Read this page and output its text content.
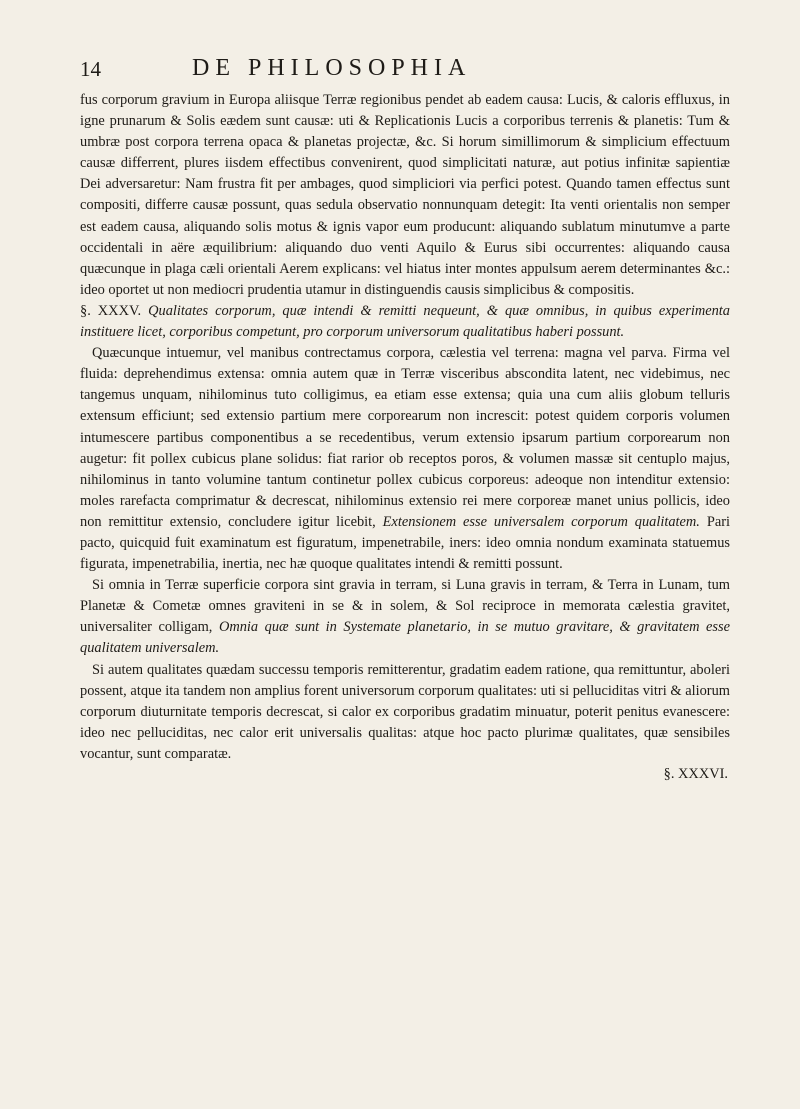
14	DE PHILOSOPHIA

fus corporum gravium in Europa aliisque Terræ regionibus pendet ab eadem causa: Lucis, & caloris effluxus, in igne prunarum & Solis eædem sunt causæ: uti & Replicationis Lucis a corporibus terrenis & planetis: Tum & umbræ post corpora terrena opaca & planetas projectæ, &c. Si horum simillimorum & simplicium effectuum causæ differrent, plures iisdem effectibus convenirent, quod simplicitati naturæ, aut potius infinitæ sapientiæ Dei adversaretur: Nam frustra fit per ambages, quod simpliciori via perfici potest. Quando tamen effectus sunt compositi, differre causæ possunt, quas sedula observatio nonnunquam detegit: Ita venti orientalis non semper est eadem causa, aliquando solis motus & ignis vapor eum producunt: aliquando sublatum minutumve a parte occidentali in aëre æquilibrium: aliquando duo venti Aquilo & Eurus sibi occurrentes: aliquando causa quæcunque in plaga cæli orientali Aerem explicans: vel hiatus inter montes appulsum aerem determinantes &c.: ideo oportet ut non mediocri prudentia utamur in distinguendis causis simplicibus & compositis.

§. XXXV. Qualitates corporum, quæ intendi & remitti nequeunt, & quæ omnibus, in quibus experimenta instituere licet, corporibus competunt, pro corporum universorum qualitatibus haberi possunt.

Quæcunque intuemur, vel manibus contrectamus corpora, cælestia vel terrena: magna vel parva. Firma vel fluida: deprehendimus extensa: omnia autem quæ in Terræ visceribus abscondita latent, nec videbimus, nec tangemus unquam, nihilominus tuto colligimus, ea etiam esse extensa; quia una cum aliis globum telluris extensum efficiunt; sed extensio partium mere corporearum non increscit: potest quidem corporis volumen intumescere partibus componentibus a se recedentibus, verum extensio ipsarum partium corporearum non augetur: fit pollex cubicus plane solidus: fiat rarior ob receptos poros, & volumen massæ sit centuplo majus, nihilominus in tanto volumine tantum continetur pollex cubicus corporeus: adeoque non intenditur extensio: moles rarefacta comprimatur & decrescat, nihilominus extensio rei mere corporeæ manet unius pollicis, ideo non remittitur extensio, concludere igitur licebit, Extensionem esse universalem corporum qualitatem. Pari pacto, quicquid fuit examinatum est figuratum, impenetrabile, iners: ideo omnia nondum examinata statuemus figurata, impenetrabilia, inertia, nec hæ quoque qualitates intendi & remitti possunt.

Si omnia in Terræ superficie corpora sint gravia in terram, si Luna gravis in terram, & Terra in Lunam, tum Planetæ & Cometæ omnes graviteni in se & in solem, & Sol reciproce in memorata cælestia gravitet, universaliter colligam, Omnia quæ sunt in Systemate planetario, in se mutuo gravitare, & gravitatem esse qualitatem universalem.

Si autem qualitates quædam successu temporis remitterentur, gradatim eadem ratione, qua remittuntur, aboleri possent, atque ita tandem non amplius forent universorum corporum qualitates: uti si pelluciditas vitri & aliorum corporum diuturnitate temporis decrescat, si calor ex corporibus gradatim minuatur, poterit penitus evanescere: ideo nec pelluciditas, nec calor erit universalis qualitas: atque hoc pacto plurimæ qualitates, quæ sensibiles vocantur, sunt comparatæ.

§. XXXVI.
